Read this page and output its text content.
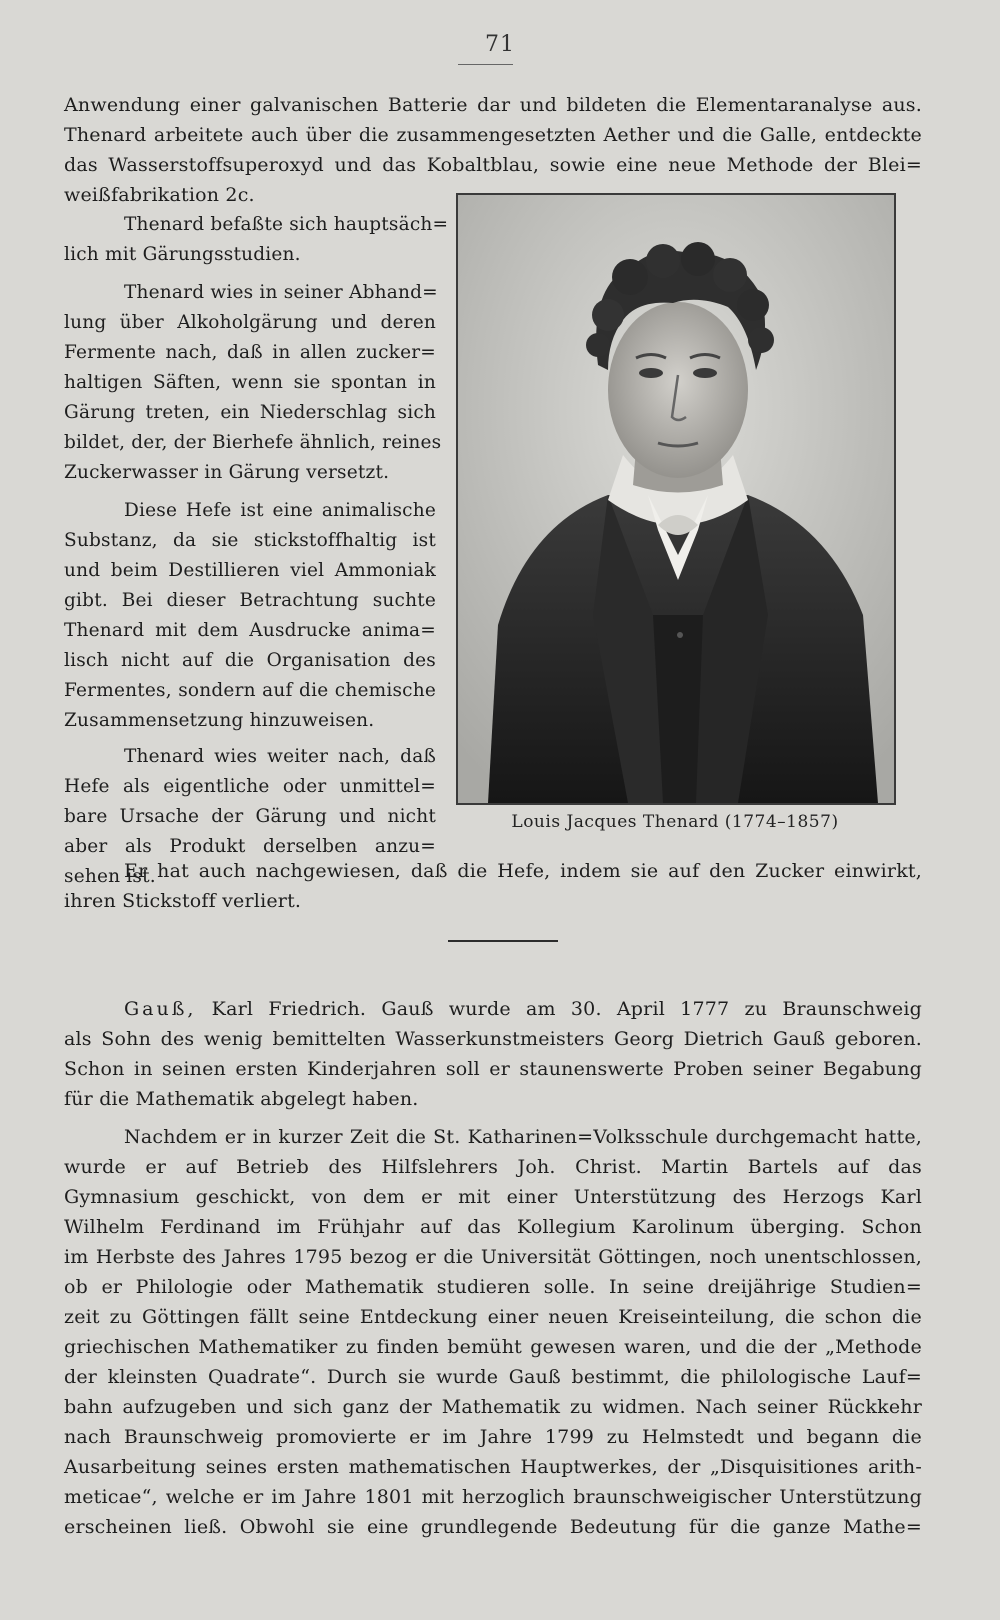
71
Anwendung einer galvanischen Batterie dar und bildeten die Elementaranalyse aus.
Thenard arbeitete auch über die zusammengesetzten Aether und die Galle, entdeckte
das Wasserstoffsuperoxyd und das Kobaltblau, sowie eine neue Methode der Blei=
weißfabrikation 2c.
Thenard befaßte sich hauptsäch=
lich mit Gärungsstudien.
Thenard wies in seiner Abhand=
lung über Alkoholgärung und deren
Fermente nach, daß in allen zucker=
haltigen Säften, wenn sie spontan in
Gärung treten, ein Niederschlag sich
bildet, der, der Bierhefe ähnlich, reines
Zuckerwasser in Gärung versetzt.
Diese Hefe ist eine animalische
Substanz, da sie stickstoffhaltig ist
und beim Destillieren viel Ammoniak
gibt. Bei dieser Betrachtung suchte
Thenard mit dem Ausdrucke anima=
lisch nicht auf die Organisation des
Fermentes, sondern auf die chemische
Zusammensetzung hinzuweisen.
Thenard wies weiter nach, daß
Hefe als eigentliche oder unmittel=
bare Ursache der Gärung und nicht
aber als Produkt derselben anzu=
sehen ist.
Louis Jacques Thenard (1774–1857)
Er hat auch nachgewiesen, daß die Hefe, indem sie auf den Zucker einwirkt,
ihren Stickstoff verliert.
Gauß, Karl Friedrich. Gauß wurde am 30. April 1777 zu Braunschweig
als Sohn des wenig bemittelten Wasserkunstmeisters Georg Dietrich Gauß geboren.
Schon in seinen ersten Kinderjahren soll er staunenswerte Proben seiner Begabung
für die Mathematik abgelegt haben.
Nachdem er in kurzer Zeit die St. Katharinen=Volksschule durchgemacht hatte,
wurde er auf Betrieb des Hilfslehrers Joh. Christ. Martin Bartels auf das
Gymnasium geschickt, von dem er mit einer Unterstützung des Herzogs Karl
Wilhelm Ferdinand im Frühjahr auf das Kollegium Karolinum überging. Schon
im Herbste des Jahres 1795 bezog er die Universität Göttingen, noch unentschlossen,
ob er Philologie oder Mathematik studieren solle. In seine dreijährige Studien=
zeit zu Göttingen fällt seine Entdeckung einer neuen Kreiseinteilung, die schon die
griechischen Mathematiker zu finden bemüht gewesen waren, und die der „Methode
der kleinsten Quadrate“. Durch sie wurde Gauß bestimmt, die philologische Lauf=
bahn aufzugeben und sich ganz der Mathematik zu widmen. Nach seiner Rückkehr
nach Braunschweig promovierte er im Jahre 1799 zu Helmstedt und begann die
Ausarbeitung seines ersten mathematischen Hauptwerkes, der „Disquisitiones arith-
meticae“, welche er im Jahre 1801 mit herzoglich braunschweigischer Unterstützung
erscheinen ließ. Obwohl sie eine grundlegende Bedeutung für die ganze Mathe=
